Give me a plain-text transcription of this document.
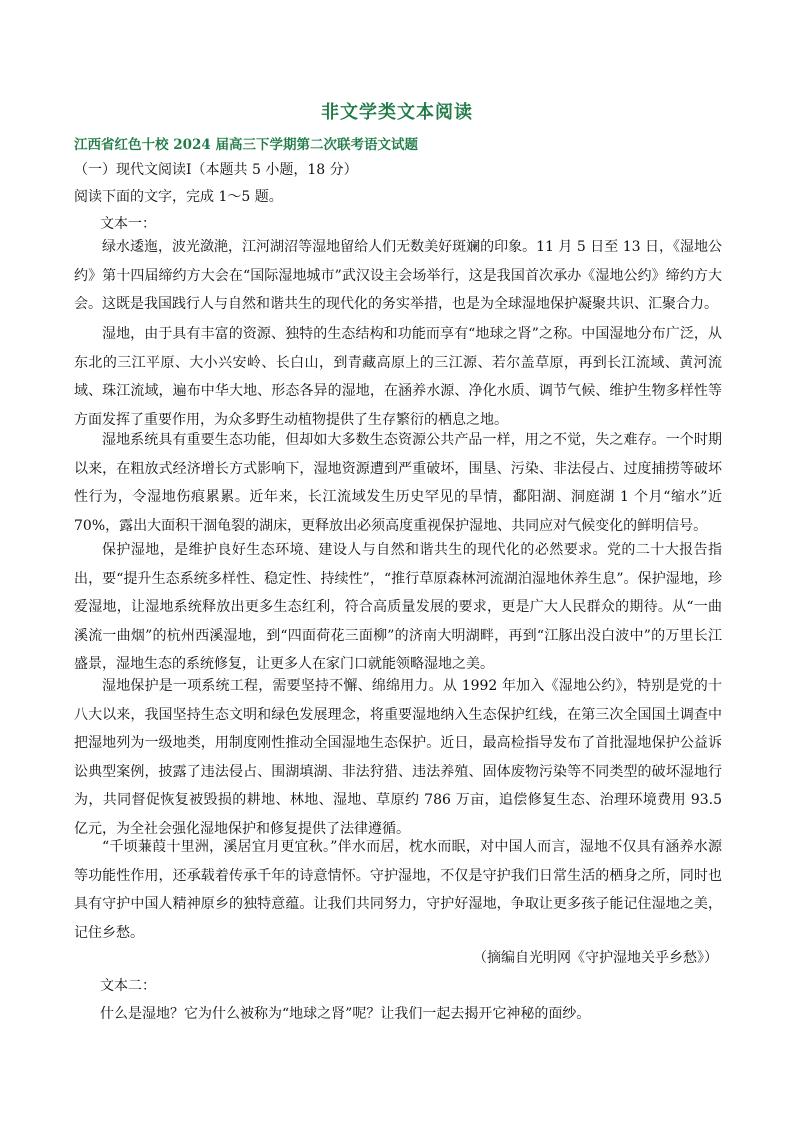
非文学类文本阅读
江西省红色十校 2024 届高三下学期第二次联考语文试题
（一）现代文阅读Ⅰ（本题共 5 小题，18 分）
阅读下面的文字，完成 1～5 题。
文本一：

绿水逶迤，波光潋滟，江河湖沼等湿地留给人们无数美好斑斓的印象。11 月 5 日至 13 日，《湿地公约》第十四届缔约方大会在“国际湿地城市”武汉设主会场举行，这是我国首次承办《湿地公约》缔约方大会。这既是我国践行人与自然和谐共生的现代化的务实举措，也是为全球湿地保护凝聚共识、汇聚合力。

湿地，由于具有丰富的资源、独特的生态结构和功能而享有“地球之肾”之称。中国湿地分布广泛，从东北的三江平原、大小兴安岭、长白山，到青藏高原上的三江源、若尔盖草原，再到长江流域、黄河流域、珠江流域，遍布中华大地、形态各异的湿地，在涵养水源、净化水质、调节气候、维护生物多样性等方面发挥了重要作用，为众多野生动植物提供了生存繁衍的栖息之地。

湿地系统具有重要生态功能，但却如大多数生态资源公共产品一样，用之不觉，失之难存。一个时期以来，在粗放式经济增长方式影响下，湿地资源遭到严重破坏，围垦、污染、非法侵占、过度捕捞等破坏性行为，令湿地伤痕累累。近年来，长江流域发生历史罕见的旱情，鄱阳湖、洞庭湖 1 个月“缩水”近 70%，露出大面积干涸龟裂的湖床，更释放出必须高度重视保护湿地、共同应对气候变化的鲜明信号。

保护湿地，是维护良好生态环境、建设人与自然和谐共生的现代化的必然要求。党的二十大报告指出，要“提升生态系统多样性、稳定性、持续性”，“推行草原森林河流湖泊湿地休养生息”。保护湿地，珍爱湿地，让湿地系统释放出更多生态红利，符合高质量发展的要求，更是广大人民群众的期待。从“一曲溪流一曲烟”的杭州西溪湿地，到“四面荷花三面柳”的济南大明湖畔，再到“江豚出没白波中”的万里长江盛景，湿地生态的系统修复，让更多人在家门口就能领略湿地之美。

湿地保护是一项系统工程，需要坚持不懈、绵绵用力。从 1992 年加入《湿地公约》，特别是党的十八大以来，我国坚持生态文明和绿色发展理念，将重要湿地纳入生态保护红线，在第三次全国国土调查中把湿地列为一级地类，用制度刚性推动全国湿地生态保护。近日，最高检指导发布了首批湿地保护公益诉讼典型案例，披露了违法侵占、围湖填湖、非法狩猎、违法养殖、固体废物污染等不同类型的破坏湿地行为，共同督促恢复被毁损的耕地、林地、湿地、草原约 786 万亩，追偿修复生态、治理环境费用 93.5 亿元，为全社会强化湿地保护和修复提供了法律遵循。

“千顷蒹葭十里洲，溪居宜月更宜秋。”伴水而居，枕水而眠，对中国人而言，湿地不仅具有涵养水源等功能性作用，还承载着传承千年的诗意情怀。守护湿地，不仅是守护我们日常生活的栖身之所，同时也具有守护中国人精神原乡的独特意蕴。让我们共同努力，守护好湿地，争取让更多孩子能记住湿地之美，记住乡愁。

（摘编自光明网《守护湿地关乎乡愁》）
文本二：
什么是湿地？它为什么被称为“地球之肾”呢？让我们一起去揭开它神秘的面纱。
